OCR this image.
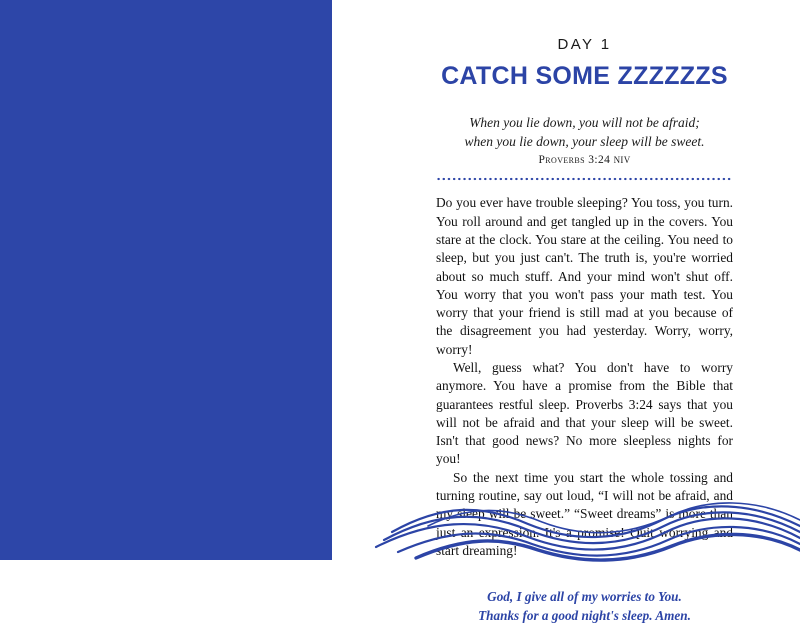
DAY 1
CATCH SOME ZZZZZZS
When you lie down, you will not be afraid;
when you lie down, your sleep will be sweet.
Proverbs 3:24 NIV

Do you ever have trouble sleeping? You toss, you turn. You roll around and get tangled up in the covers. You stare at the clock. You stare at the ceiling. You need to sleep, but you just can't. The truth is, you're worried about so much stuff. And your mind won't shut off. You worry that you won't pass your math test. You worry that your friend is still mad at you because of the disagreement you had yesterday. Worry, worry, worry!

Well, guess what? You don't have to worry anymore. You have a promise from the Bible that guarantees restful sleep. Proverbs 3:24 says that you will not be afraid and that your sleep will be sweet. Isn't that good news? No more sleepless nights for you!

So the next time you start the whole tossing and turning routine, say out loud, “I will not be afraid, and my sleep will be sweet.” “Sweet dreams” is more than just an expression. It's a promise! Quit worrying and start dreaming!

God, I give all of my worries to You.
Thanks for a good night's sleep. Amen.
